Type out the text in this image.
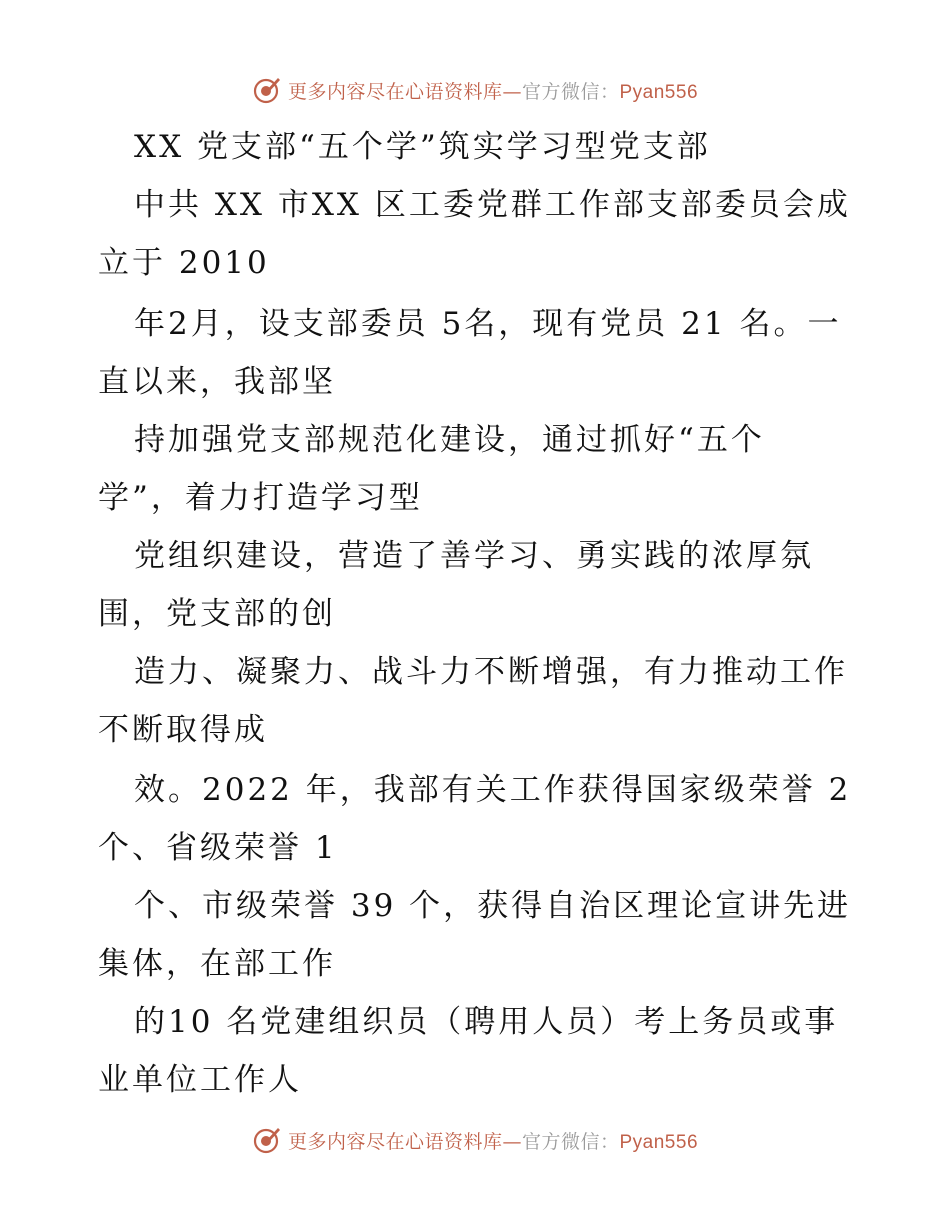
更多内容尽在心语资料库—官方微信：Pyan556
XX 党支部“五个学”筑实学习型党支部
中共 XX 市XX 区工委党群工作部支部委员会成
立于 2010
年2月，设支部委员 5名，现有党员 21 名。一
直以来，我部坚
持加强党支部规范化建设，通过抓好“五个
学”，着力打造学习型
党组织建设，营造了善学习、勇实践的浓厚氛
围，党支部的创
造力、凝聚力、战斗力不断增强，有力推动工作
不断取得成
效。2022 年，我部有关工作获得国家级荣誉 2
个、省级荣誉 1
个、市级荣誉 39 个，获得自治区理论宣讲先进
集体，在部工作
的10 名党建组织员（聘用人员）考上务员或事
业单位工作人
更多内容尽在心语资料库—官方微信：Pyan556
